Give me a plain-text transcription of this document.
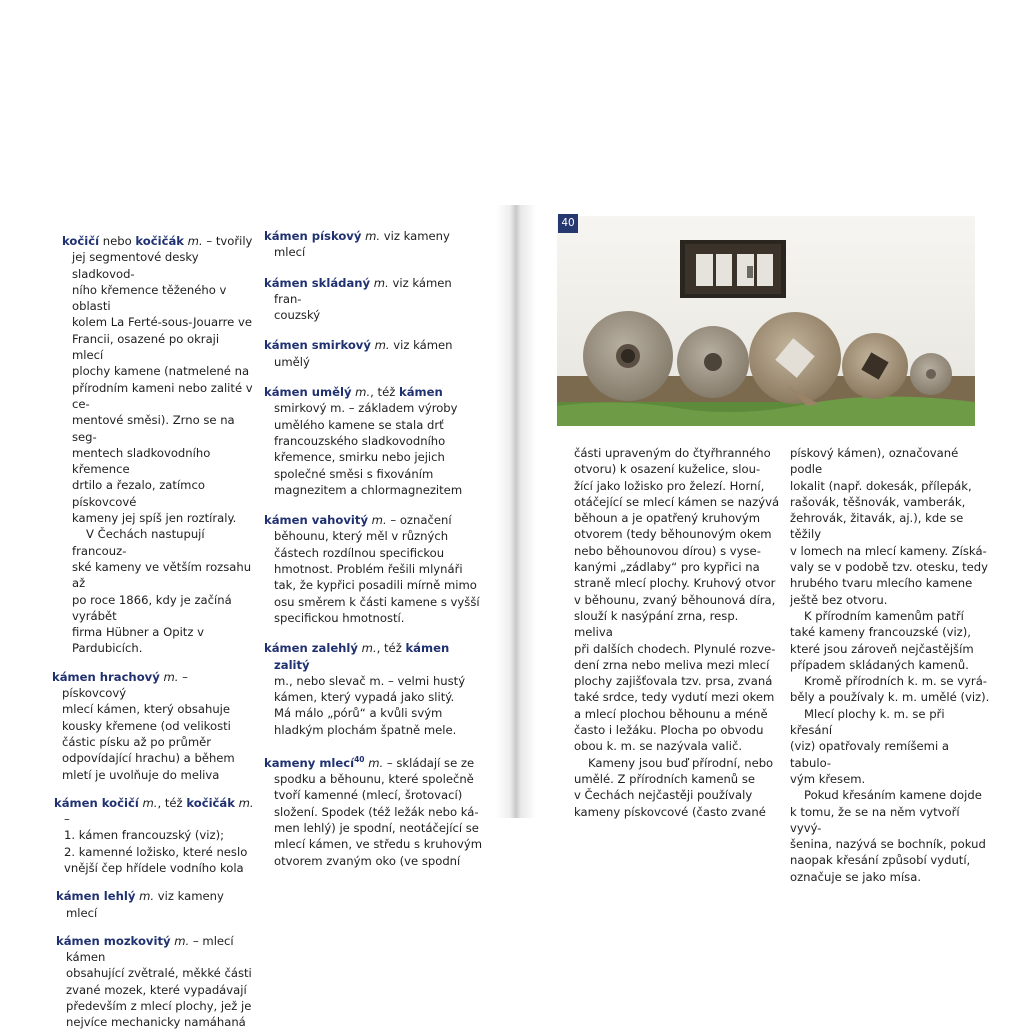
kočičí nebo kočičák m. – tvořily
jej segmentové desky sladkovod-
ního křemence těženého v oblasti
kolem La Ferté-sous-Jouarre ve
Francii, osazené po okraji mlecí
plochy kamene (natmelené na
přírodním kameni nebo zalité v ce-
mentové směsi). Zrno se na seg-
mentech sladkovodního křemence
drtilo a řezalo, zatímco pískovcové
kameny jej spíš jen roztíraly.

V Čechách nastupují francouz-
ské kameny ve větším rozsahu až
po roce 1866, kdy je začíná vyrábět
firma Hübner a Opitz v Pardubicích.

kámen hrachový m. – pískovcový
mlecí kámen, který obsahuje
kousky křemene (od velikosti
částic písku až po průměr
odpovídající hrachu) a během
mletí je uvolňuje do meliva

kámen kočičí m., též kočičák m. –
1. kámen francouzský (viz);
2. kamenné ložisko, které neslo
vnější čep hřídele vodního kola

kámen lehlý m. viz kameny mlecí

kámen mozkovitý m. – mlecí kámen
obsahující zvětralé, měkké části
zvané mozek, které vypadávají
především z mlecí plochy, jež je
nejvíce mechanicky namáhaná

kámen pískový m. viz kameny mlecí

kámen skládaný m. viz kámen fran-
couzský

kámen smirkový m. viz kámen umělý

kámen umělý m., též kámen
smirkový m. – základem výroby
umělého kamene se stala drť
francouzského sladkovodního
křemence, smirku nebo jejich
společné směsi s fixováním
magnezitem a chlormagnezitem

kámen vahovitý m. – označení
běhounu, který měl v různých
částech rozdílnou specifickou
hmotnost. Problém řešili mlynáři
tak, že kypřici posadili mírně mimo
osu směrem k části kamene s vyšší
specifickou hmotností.

kámen zalehlý m., též kámen zalitý
m., nebo slevač m. – velmi hustý
kámen, který vypadá jako slitý.
Má málo „pórů“ a kvůli svým
hladkým plochám špatně mele.

kameny mlecí$^{40}$ m. – skládají se ze
spodku a běhounu, které společně
tvoří kamenné (mlecí, šrotovací)
složení. Spodek (též ležák nebo ká-
men lehlý) je spodní, neotáčející se
mlecí kámen, ve středu s kruhovým
otvorem zvaným oko (ve spodní

40

části upraveným do čtyřhranného
otvoru) k osazení kuželice, slou-
žící jako ložisko pro železí. Horní,
otáčející se mlecí kámen se nazývá
běhoun a je opatřený kruhovým
otvorem (tedy běhounovým okem
nebo běhounovou dírou) s vyse-
kanými „zádlaby“ pro kypřici na
straně mlecí plochy. Kruhový otvor
v běhounu, zvaný běhounová díra,
slouží k nasýpání zrna, resp. meliva
při dalších chodech. Plynulé rozve-
dení zrna nebo meliva mezi mlecí
plochy zajišťovala tzv. prsa, zvaná
také srdce, tedy vydutí mezi okem
a mlecí plochou běhounu a méně
často i ležáku. Plocha po obvodu
obou k. m. se nazývala valič.
Kameny jsou buď přírodní, nebo
umělé. Z přírodních kamenů se
v Čechách nejčastěji používaly
kameny pískovcové (často zvané

pískový kámen), označované podle
lokalit (např. dokesák, přílepák,
rašovák, těšnovák, vamberák,
žehrovák, žitavák, aj.), kde se těžily
v lomech na mlecí kameny. Získá-
valy se v podobě tzv. otesku, tedy
hrubého tvaru mlecího kamene
ještě bez otvoru.
K přírodním kamenům patří
také kameny francouzské (viz),
které jsou zároveň nejčastějším
případem skládaných kamenů.
Kromě přírodních k. m. se vyrá-
běly a používaly k. m. umělé (viz).
Mlecí plochy k. m. se při křesání
(viz) opatřovaly remíšemi a tabulo-
vým křesem.
Pokud křesáním kamene dojde
k tomu, že se na něm vytvoří vyvý-
šenina, nazývá se bochník, pokud
naopak křesání způsobí vydutí,
označuje se jako mísa.
